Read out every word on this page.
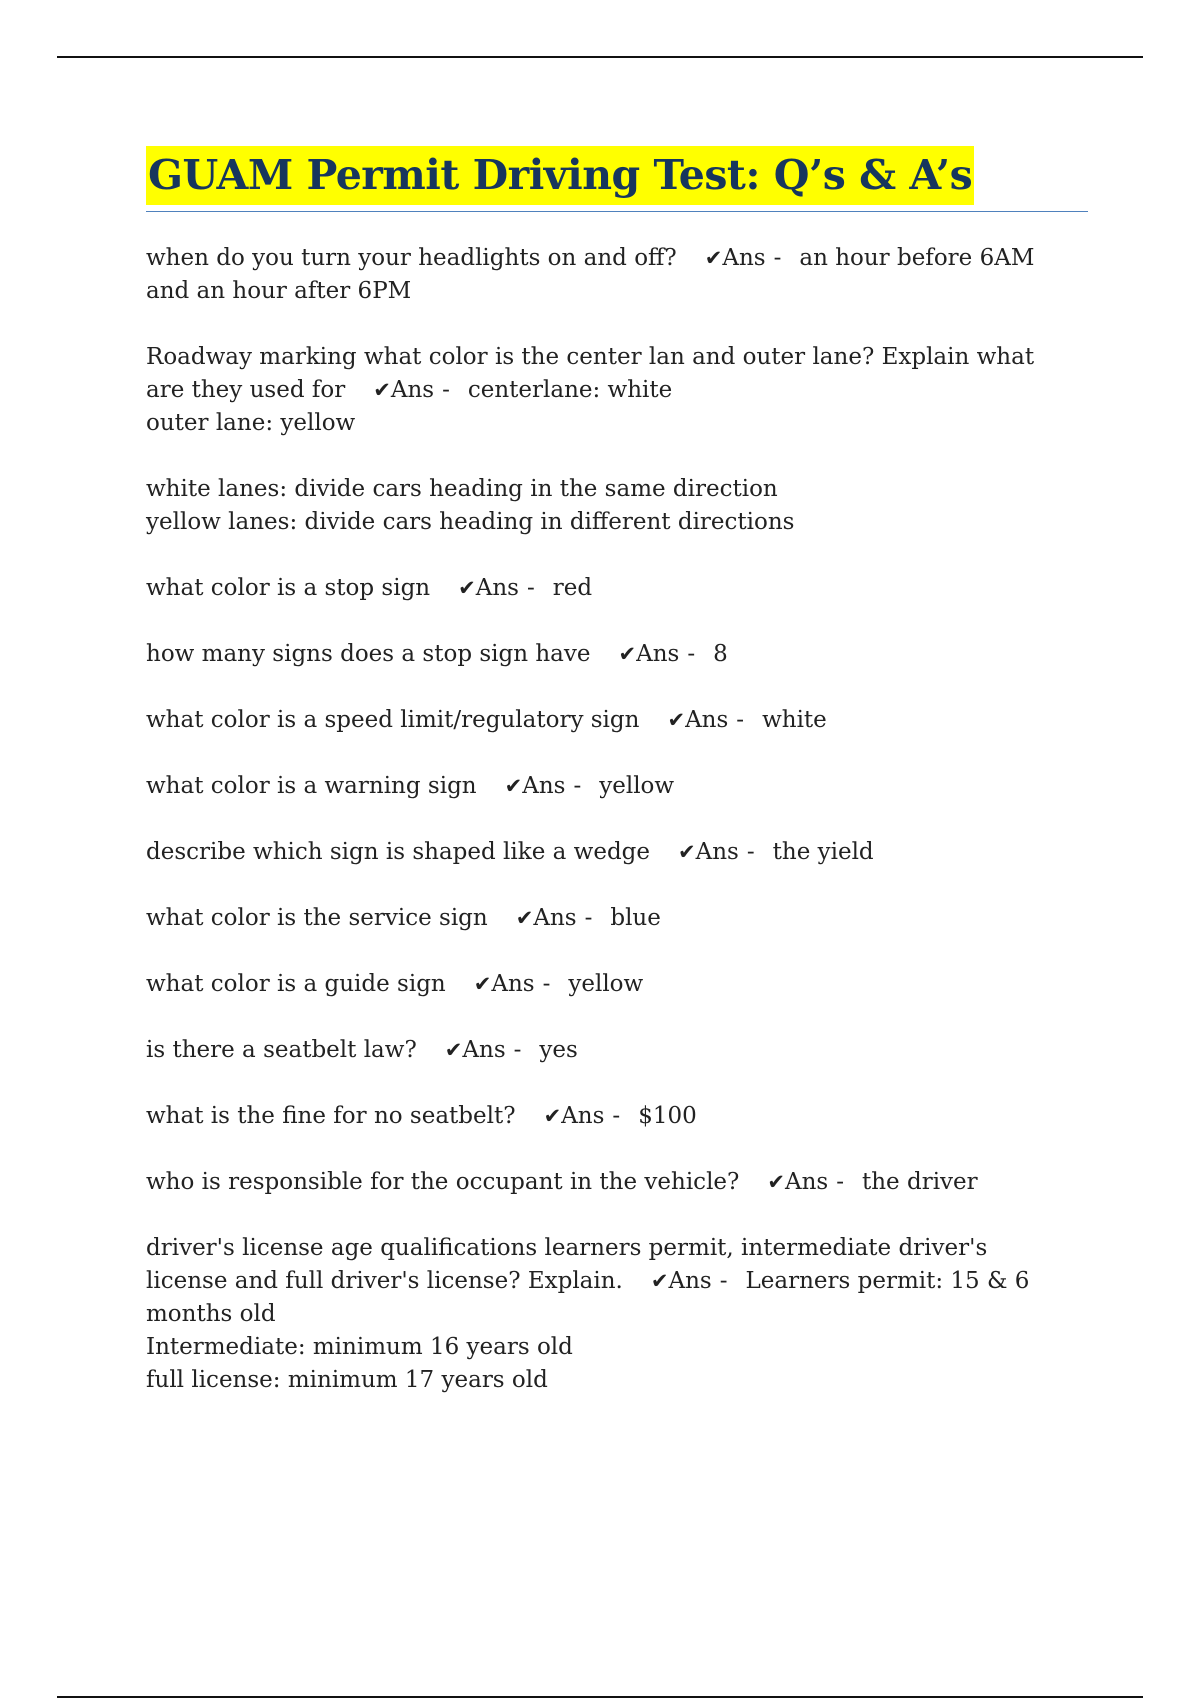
GUAM Permit Driving Test: Q’s & A’s
when do you turn your headlights on and off? ✔Ans - an hour before 6AM
and an hour after 6PM
Roadway marking what color is the center lan and outer lane? Explain what
are they used for ✔Ans - centerlane: white
outer lane: yellow

white lanes: divide cars heading in the same direction
yellow lanes: divide cars heading in different directions
what color is a stop sign ✔Ans - red
how many signs does a stop sign have ✔Ans - 8
what color is a speed limit/regulatory sign ✔Ans - white
what color is a warning sign ✔Ans - yellow
describe which sign is shaped like a wedge ✔Ans - the yield
what color is the service sign ✔Ans - blue
what color is a guide sign ✔Ans - yellow
is there a seatbelt law? ✔Ans - yes
what is the fine for no seatbelt? ✔Ans - $100
who is responsible for the occupant in the vehicle? ✔Ans - the driver
driver's license age qualifications learners permit, intermediate driver's
license and full driver's license? Explain. ✔Ans - Learners permit: 15 & 6
months old
Intermediate: minimum 16 years old
full license: minimum 17 years old
